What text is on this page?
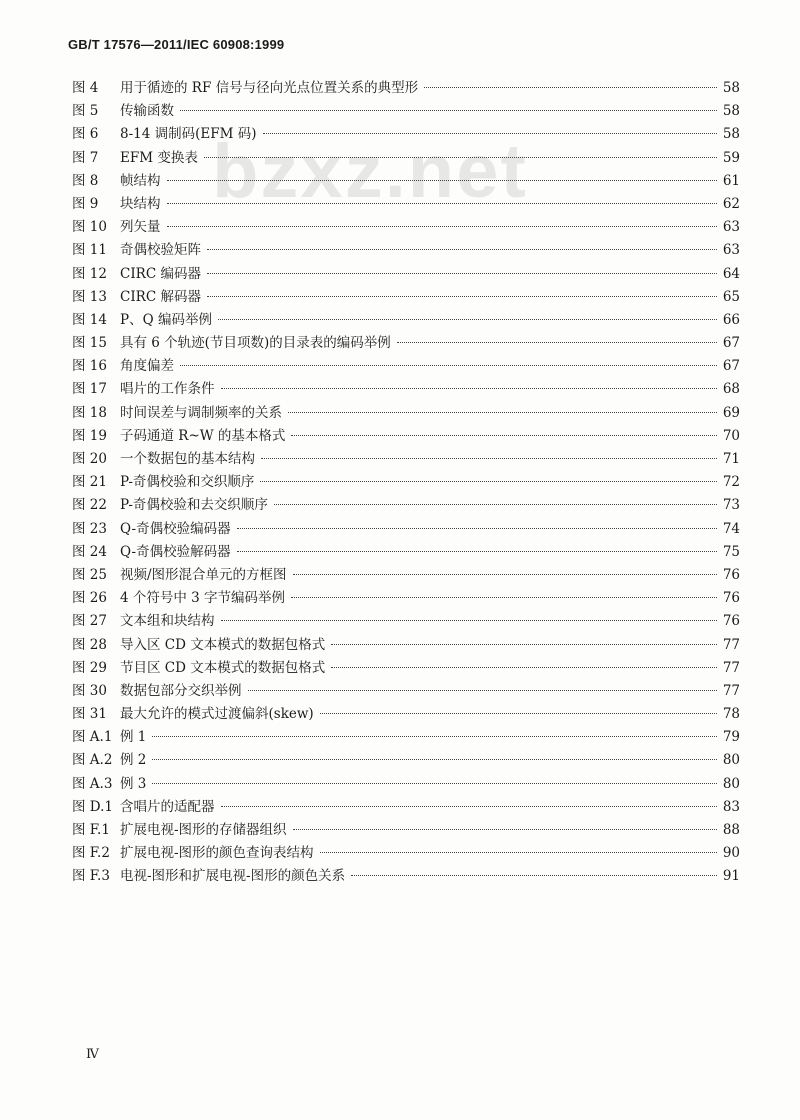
GB/T 17576—2011/IEC 60908:1999
bzxz.net
图 4	用于循迹的 RF 信号与径向光点位置关系的典型形	58
图 5	传输函数	58
图 6	8-14 调制码(EFM 码)	58
图 7	EFM 变换表	59
图 8	帧结构	61
图 9	块结构	62
图 10 列矢量	63
图 11 奇偶校验矩阵	63
图 12 CIRC 编码器	64
图 13 CIRC 解码器	65
图 14 P、Q 编码举例	66
图 15 具有 6 个轨迹(节目项数)的目录表的编码举例	67
图 16 角度偏差	67
图 17 唱片的工作条件	68
图 18 时间误差与调制频率的关系	69
图 19 子码通道 R~W 的基本格式	70
图 20 一个数据包的基本结构	71
图 21 P-奇偶校验和交织顺序	72
图 22 P-奇偶校验和去交织顺序	73
图 23 Q-奇偶校验编码器	74
图 24 Q-奇偶校验解码器	75
图 25 视频/图形混合单元的方框图	76
图 26 4 个符号中 3 字节编码举例	76
图 27 文本组和块结构	76
图 28 导入区 CD 文本模式的数据包格式	77
图 29 节目区 CD 文本模式的数据包格式	77
图 30 数据包部分交织举例	77
图 31 最大允许的模式过渡偏斜(skew)	78
图 A.1 例 1	79
图 A.2 例 2	80
图 A.3 例 3	80
图 D.1 含唱片的适配器	83
图 F.1 扩展电视-图形的存储器组织	88
图 F.2 扩展电视-图形的颜色查询表结构	90
图 F.3 电视-图形和扩展电视-图形的颜色关系	91
Ⅳ
